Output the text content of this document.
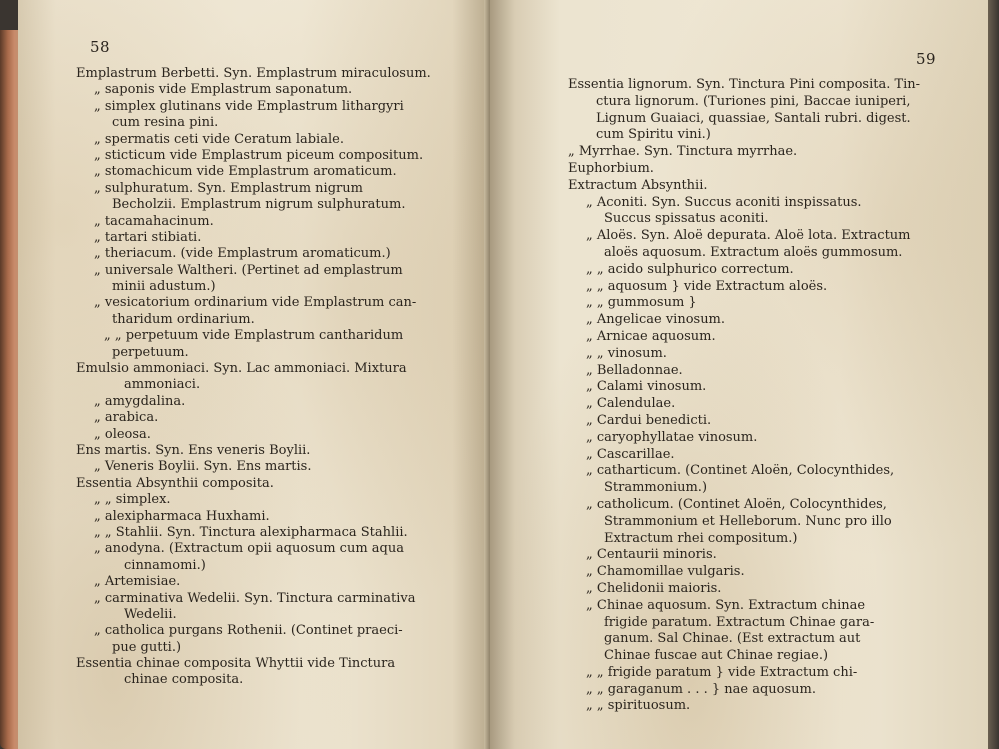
58
Emplastrum Berbetti. Syn. Emplastrum miraculosum.
„ saponis vide Emplastrum saponatum.
„ simplex glutinans vide Emplastrum lithargyri
cum resina pini.
„ spermatis ceti vide Ceratum labiale.
„ sticticum vide Emplastrum piceum compositum.
„ stomachicum vide Emplastrum aromaticum.
„ sulphuratum. Syn. Emplastrum nigrum
Becholzii. Emplastrum nigrum sulphuratum.
„ tacamahacinum.
„ tartari stibiati.
„ theriacum. (vide Emplastrum aromaticum.)
„ universale Waltheri. (Pertinet ad emplastrum
minii adustum.)
„ vesicatorium ordinarium vide Emplastrum can-
tharidum ordinarium.
„ „ perpetuum vide Emplastrum cantharidum
perpetuum.
Emulsio ammoniaci. Syn. Lac ammoniaci. Mixtura
ammoniaci.
„ amygdalina.
„ arabica.
„ oleosa.
Ens martis. Syn. Ens veneris Boylii.
„ Veneris Boylii. Syn. Ens martis.
Essentia Absynthii composita.
„ „ simplex.
„ alexipharmaca Huxhami.
„ „ Stahlii. Syn. Tinctura alexipharmaca Stahlii.
„ anodyna. (Extractum opii aquosum cum aqua
cinnamomi.)
„ Artemisiae.
„ carminativa Wedelii. Syn. Tinctura carminativa
Wedelii.
„ catholica purgans Rothenii. (Continet praeci-
pue gutti.)
Essentia chinae composita Whyttii vide Tinctura
chinae composita.
59
Essentia lignorum. Syn. Tinctura Pini composita. Tin-
ctura lignorum. (Turiones pini, Baccae iuniperi,
Lignum Guaiaci, quassiae, Santali rubri. digest.
cum Spiritu vini.)
„ Myrrhae. Syn. Tinctura myrrhae.
Euphorbium.
Extractum Absynthii.
„ Aconiti. Syn. Succus aconiti inspissatus.
Succus spissatus aconiti.
„ Aloës. Syn. Aloë depurata. Aloë lota. Extractum
aloës aquosum. Extractum aloës gummosum.
„ „ acido sulphurico correctum.
„ „ aquosum } vide Extractum aloës.
„ „ gummosum }
„ Angelicae vinosum.
„ Arnicae aquosum.
„ „ vinosum.
„ Belladonnae.
„ Calami vinosum.
„ Calendulae.
„ Cardui benedicti.
„ caryophyllatae vinosum.
„ Cascarillae.
„ catharticum. (Continet Aloën, Colocynthides,
Strammonium.)
„ catholicum. (Continet Aloën, Colocynthides,
Strammonium et Helleborum. Nunc pro illo
Extractum rhei compositum.)
„ Centaurii minoris.
„ Chamomillae vulgaris.
„ Chelidonii maioris.
„ Chinae aquosum. Syn. Extractum chinae
frigide paratum. Extractum Chinae gara-
ganum. Sal Chinae. (Est extractum aut
Chinae fuscae aut Chinae regiae.)
„ „ frigide paratum } vide Extractum chi-
„ „ garaganum . . . } nae aquosum.
„ „ spirituosum.
